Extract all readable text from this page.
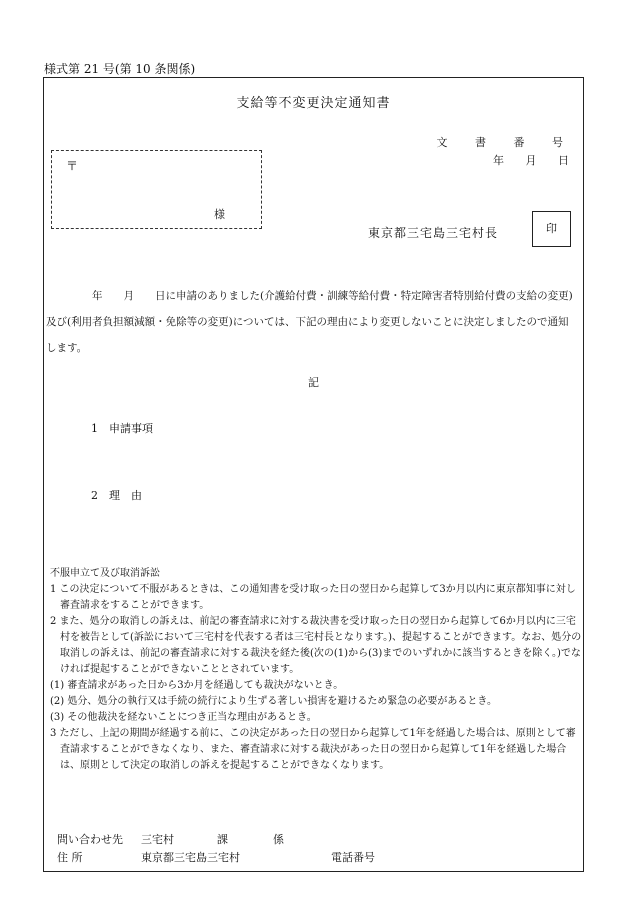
様式第 21 号(第 10 条関係)
支給等不変更決定通知書
文 書 番 号
年 月 日
〒
様
東京都三宅島三宅村長	印
年　　月　　日に申請のありました(介護給付費・訓練等給付費・特定障害者特別給付費の支給の変更)及び(利用者負担額減額・免除等の変更)については、下記の理由により変更しないことに決定しましたので通知します。
記
1　申請事項
2　理　由

不服申立て及び取消訴訟

1 この決定について不服があるときは、この通知書を受け取った日の翌日から起算して3か月以内に東京都知事に対し審査請求をすることができます。

2 また、処分の取消しの訴えは、前記の審査請求に対する裁決書を受け取った日の翌日から起算して6か月以内に三宅村を被告として(訴訟において三宅村を代表する者は三宅村長となります。)、提起することができます。なお、処分の取消しの訴えは、前記の審査請求に対する裁決を経た後(次の(1)から(3)までのいずれかに該当するときを除く。)でなければ提起することができないこととされています。

(1) 審査請求があった日から3か月を経過しても裁決がないとき。

(2) 処分、処分の執行又は手続の続行により生ずる著しい損害を避けるため緊急の必要があるとき。

(3) その他裁決を経ないことにつき正当な理由があるとき。

3 ただし、上記の期間が経過する前に、この決定があった日の翌日から起算して1年を経過した場合は、原則として審査請求することができなくなり、また、審査請求に対する裁決があった日の翌日から起算して1年を経過した場合は、原則として決定の取消しの訴えを提起することができなくなります。

問い合わせ先 三宅村	課	係
住 所	東京都三宅島三宅村	電話番号
